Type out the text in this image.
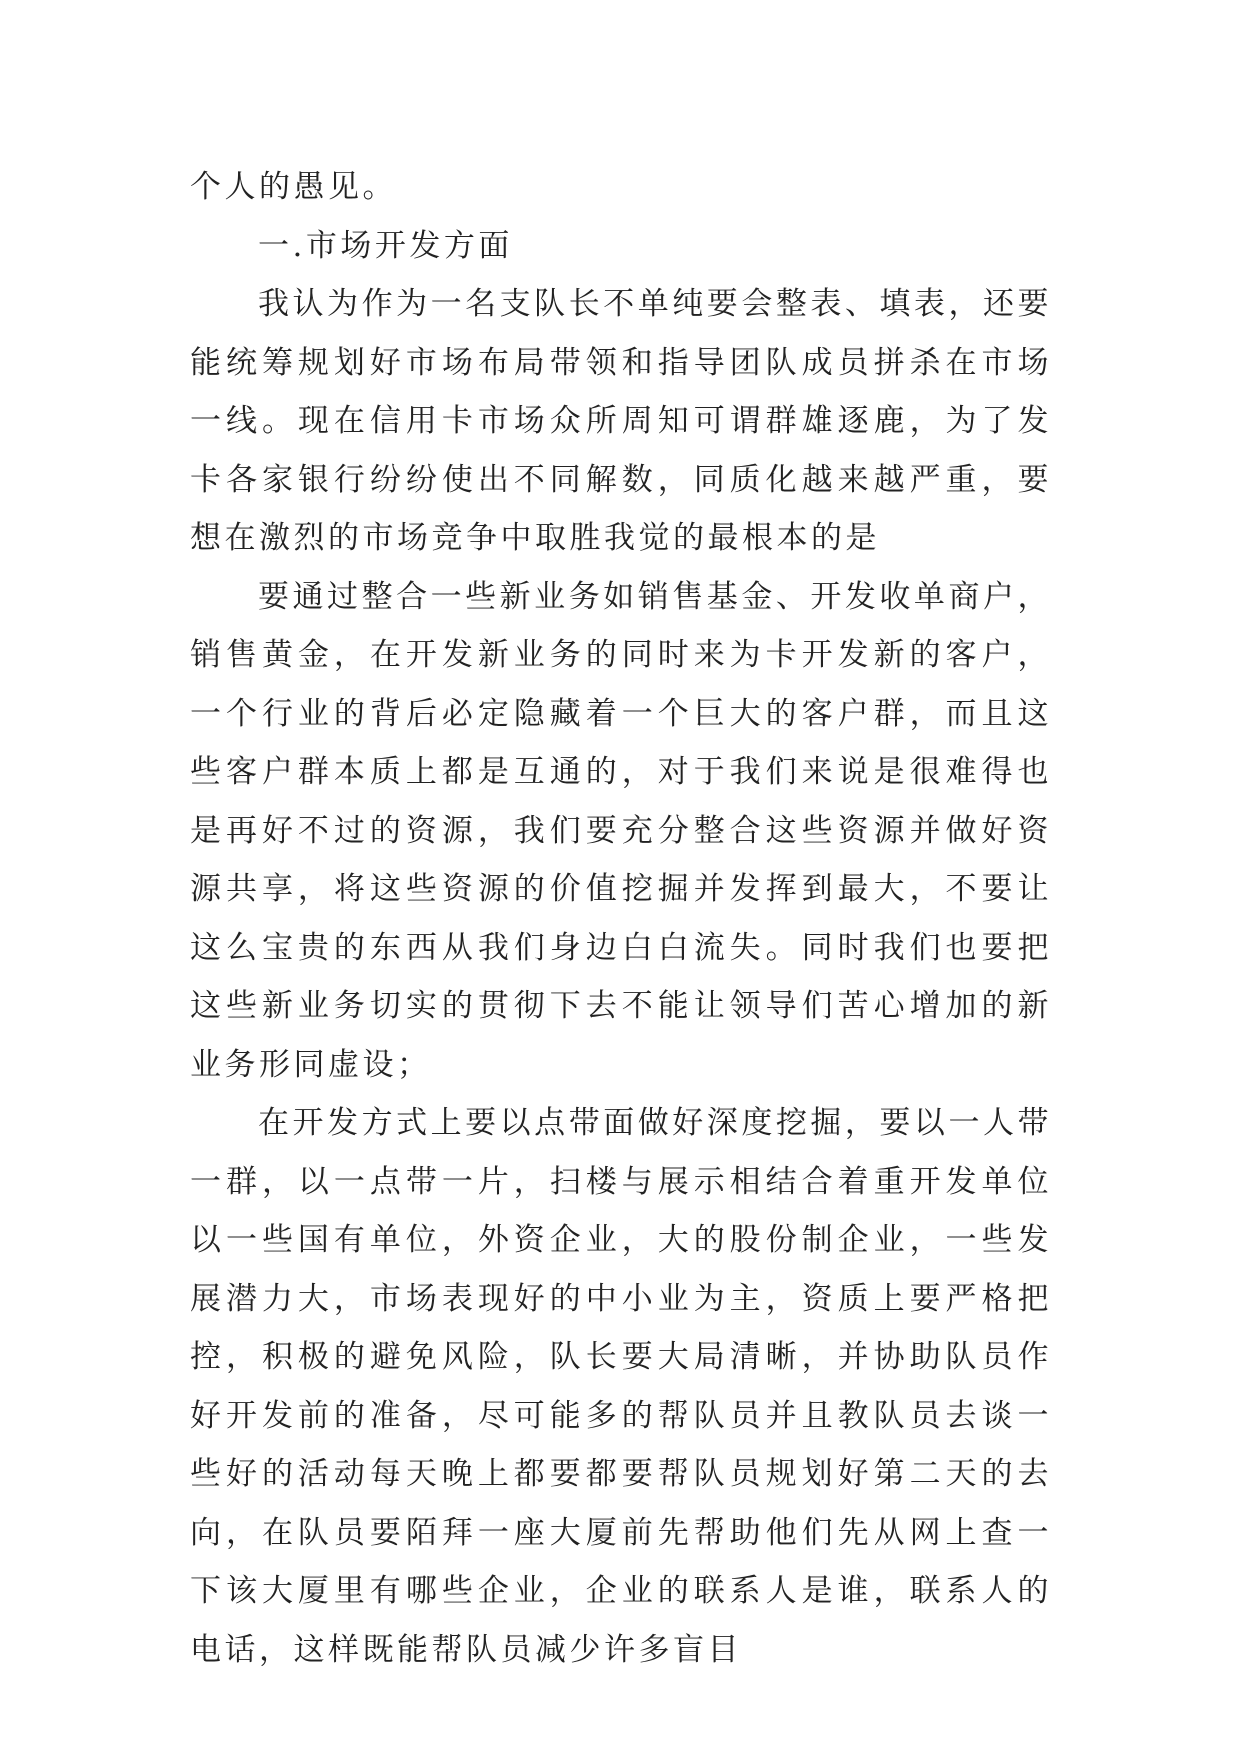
个人的愚见。

一.市场开发方面

我认为作为一名支队长不单纯要会整表、填表，还要能统筹规划好市场布局带领和指导团队成员拼杀在市场一线。现在信用卡市场众所周知可谓群雄逐鹿，为了发卡各家银行纷纷使出不同解数，同质化越来越严重，要想在激烈的市场竞争中取胜我觉的最根本的是

要通过整合一些新业务如销售基金、开发收单商户，销售黄金，在开发新业务的同时来为卡开发新的客户，一个行业的背后必定隐藏着一个巨大的客户群，而且这些客户群本质上都是互通的，对于我们来说是很难得也是再好不过的资源，我们要充分整合这些资源并做好资源共享，将这些资源的价值挖掘并发挥到最大，不要让这么宝贵的东西从我们身边白白流失。同时我们也要把这些新业务切实的贯彻下去不能让领导们苦心增加的新业务形同虚设；

在开发方式上要以点带面做好深度挖掘，要以一人带一群，以一点带一片，扫楼与展示相结合着重开发单位以一些国有单位，外资企业，大的股份制企业，一些发展潜力大，市场表现好的中小业为主，资质上要严格把控，积极的避免风险，队长要大局清晰，并协助队员作好开发前的准备，尽可能多的帮队员并且教队员去谈一些好的活动每天晚上都要都要帮队员规划好第二天的去向，在队员要陌拜一座大厦前先帮助他们先从网上查一下该大厦里有哪些企业，企业的联系人是谁，联系人的电话，这样既能帮队员减少许多盲目
